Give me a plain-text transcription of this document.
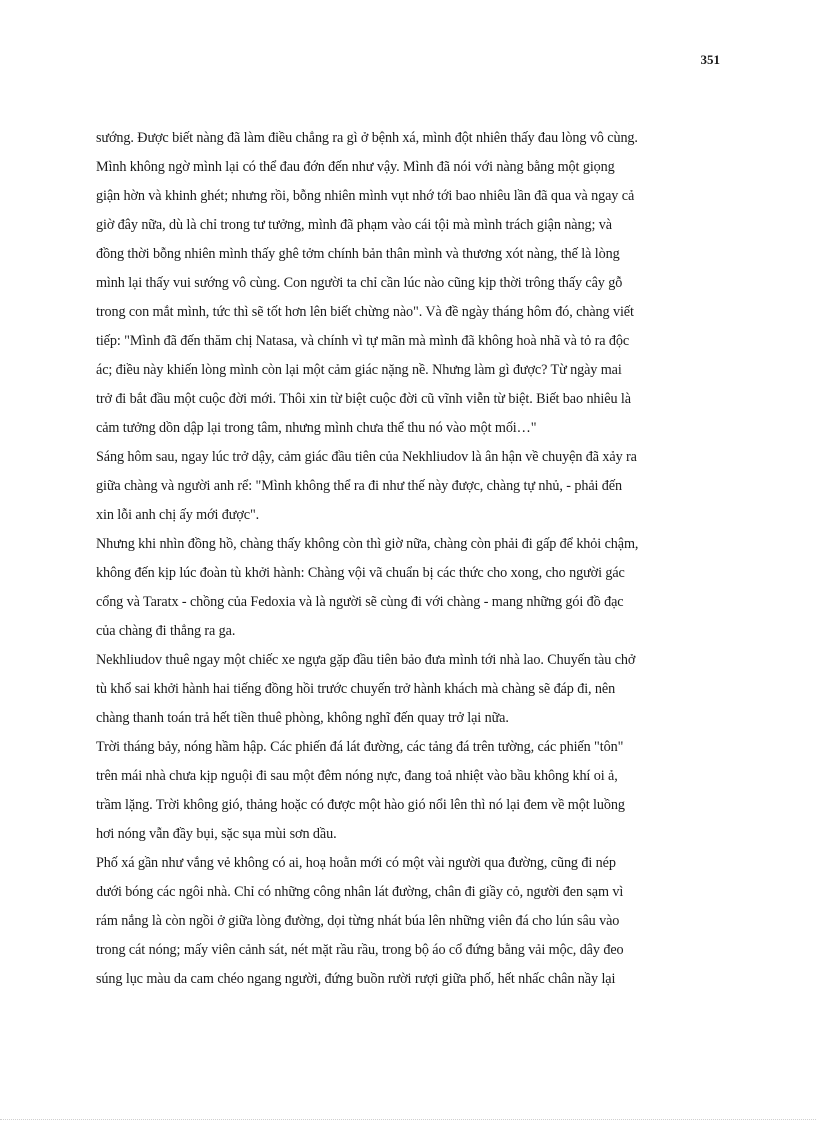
351
sướng. Được biết nàng đã làm điều chẳng ra gì ở bệnh xá, mình đột nhiên thấy đau lòng vô cùng.
Mình không ngờ mình lại có thể đau đớn đến như vậy. Mình đã nói với nàng bằng một giọng
giận hờn và khinh ghét; nhưng rồi, bỗng nhiên mình vụt nhớ tới bao nhiêu lần đã qua và ngay cả
giờ đây nữa, dù là chỉ trong tư tưởng, mình đã phạm vào cái tội mà mình trách giận nàng; và
đồng thời bỗng nhiên mình thấy ghê tởm chính bản thân mình và thương xót nàng, thế là lòng
mình lại thấy vui sướng vô cùng. Con người ta chỉ cần lúc nào cũng kịp thời trông thấy cây gỗ
trong con mắt mình, tức thì sẽ tốt hơn lên biết chừng nào". Và đề ngày tháng hôm đó, chàng viết
tiếp: "Mình đã đến thăm chị Natasa, và chính vì tự mãn mà mình đã không hoà nhã và tỏ ra độc
ác; điều này khiến lòng mình còn lại một cảm giác nặng nề. Nhưng làm gì được? Từ ngày mai
trở đi bắt đầu một cuộc đời mới. Thôi xin từ biệt cuộc đời cũ vĩnh viễn từ biệt. Biết bao nhiêu là
cảm tưởng dồn dập lại trong tâm, nhưng mình chưa thể thu nó vào một mối…"
Sáng hôm sau, ngay lúc trở dậy, cảm giác đầu tiên của Nekhliudov là ân hận về chuyện đã xảy ra
giữa chàng và người anh rể: "Mình không thể ra đi như thế này được, chàng tự nhủ, - phải đến
xin lỗi anh chị ấy mới được".
Nhưng khi nhìn đồng hồ, chàng thấy không còn thì giờ nữa, chàng còn phải đi gấp để khỏi chậm,
không đến kịp lúc đoàn tù khởi hành: Chàng vội vã chuẩn bị các thức cho xong, cho người gác
cổng và Taratx - chồng của Fedoxia và là người sẽ cùng đi với chàng - mang những gói đồ đạc
của chàng đi thẳng ra ga.
Nekhliudov thuê ngay một chiếc xe ngựa gặp đầu tiên bảo đưa mình tới nhà lao. Chuyến tàu chở
tù khổ sai khởi hành hai tiếng đồng hồi trước chuyến trở hành khách mà chàng sẽ đáp đi, nên
chàng thanh toán trả hết tiền thuê phòng, không nghĩ đến quay trở lại nữa.
Trời tháng bảy, nóng hầm hập. Các phiến đá lát đường, các tảng đá trên tường, các phiến "tôn"
trên mái nhà chưa kịp nguội đi sau một đêm nóng nực, đang toả nhiệt vào bầu không khí oi ả,
trầm lặng. Trời không gió, thảng hoặc có được một hào gió nổi lên thì nó lại đem về một luồng
hơi nóng vẫn đầy bụi, sặc sụa mùi sơn dầu.
Phố xá gần như vắng vẻ không có ai, hoạ hoằn mới có một vài người qua đường, cũng đi nép
dưới bóng các ngôi nhà. Chỉ có những công nhân lát đường, chân đi giầy cỏ, người đen sạm vì
rám nắng là còn ngồi ở giữa lòng đường, dọi từng nhát búa lên những viên đá cho lún sâu vào
trong cát nóng; mấy viên cảnh sát, nét mặt rầu rầu, trong bộ áo cổ đứng bằng vải mộc, dây đeo
súng lục màu da cam chéo ngang người, đứng buồn rười rượi giữa phố, hết nhấc chân nầy lại
